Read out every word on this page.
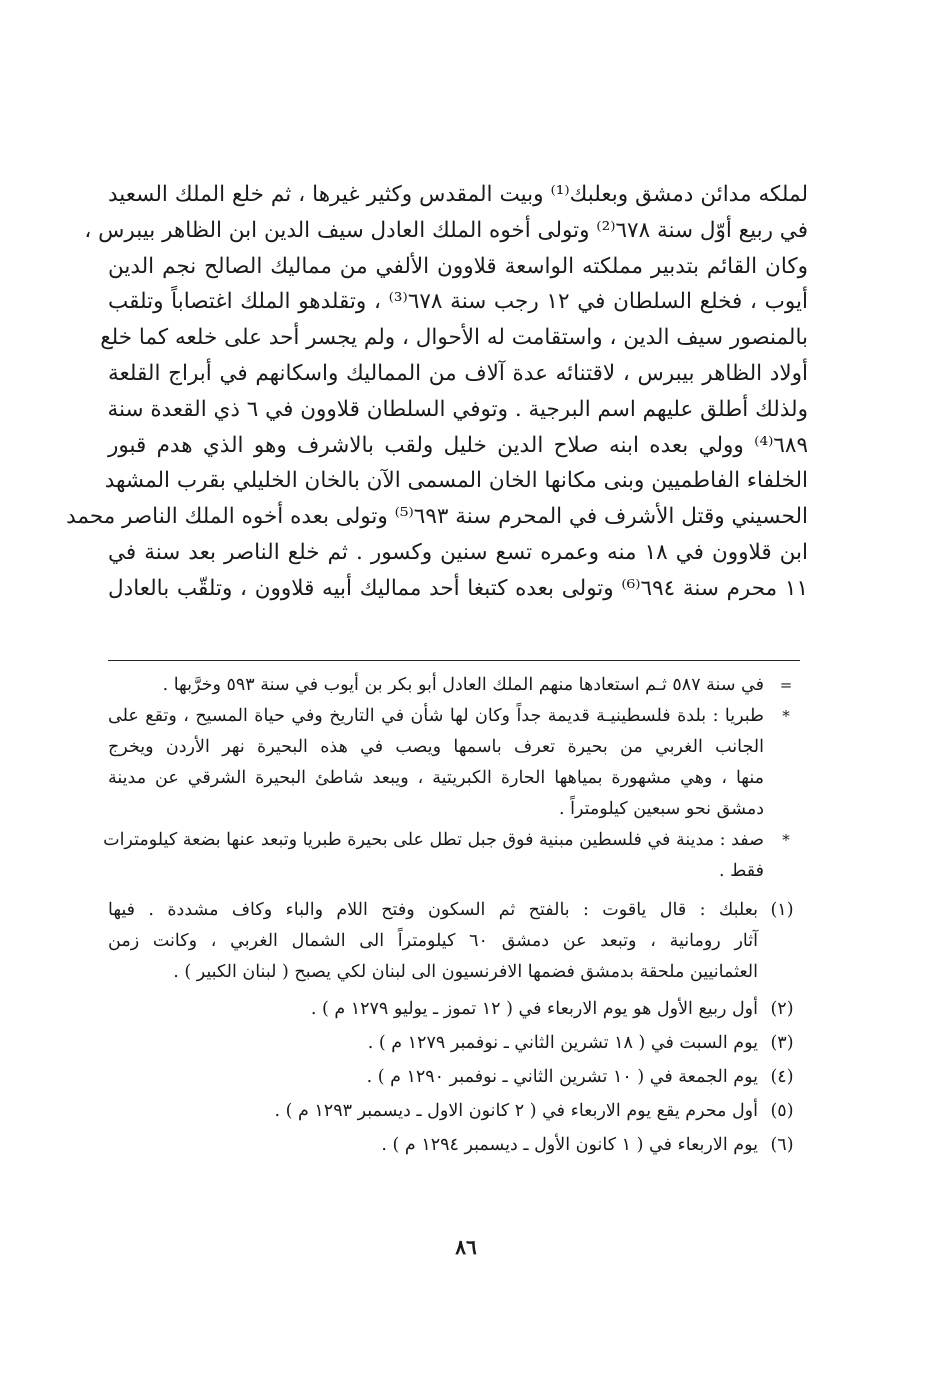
لملكه مدائن دمشق وبعلبك⁽¹⁾ وبيت المقدس وكثير غيرها ، ثم خلع الملك السعيد
في ربيع أوّل سنة ٦٧٨⁽²⁾ وتولى أخوه الملك العادل سيف الدين ابن الظاهر بيبرس ،
وكان القائم بتدبير مملكته الواسعة قلاوون الألفي من مماليك الصالح نجم الدين
أيوب ، فخلع السلطان في ١٢ رجب سنة ٦٧٨⁽³⁾ ، وتقلدهو الملك اغتصاباً وتلقب
بالمنصور سيف الدين ، واستقامت له الأحوال ، ولم يجسر أحد على خلعه كما خلع
أولاد الظاهر بيبرس ، لاقتنائه عدة آلاف من المماليك واسكانهم في أبراج القلعة
ولذلك أطلق عليهم اسم البرجية . وتوفي السلطان قلاوون في ٦ ذي القعدة سنة
٦٨٩⁽⁴⁾ وولي بعده ابنه صلاح الدين خليل ولقب بالاشرف وهو الذي هدم قبور
الخلفاء الفاطميين وبنى مكانها الخان المسمى الآن بالخان الخليلي بقرب المشهد
الحسيني وقتل الأشرف في المحرم سنة ٦٩٣⁽⁵⁾ وتولى بعده أخوه الملك الناصر محمد
ابن قلاوون في ١٨ منه وعمره تسع سنين وكسور . ثم خلع الناصر بعد سنة في
١١ محرم سنة ٦٩٤⁽⁶⁾ وتولى بعده كتبغا أحد مماليك أبيه قلاوون ، وتلقّب بالعادل
=
في سنة ٥٨٧ ثـم استعادها منهم الملك العادل أبو بكر بن أيوب في سنة ٥٩٣ وخرَّبها .
*
طبريا : بلدة فلسطينيـة قديمة جداً وكان لها شأن في التاريخ وفي حياة المسيح ، وتقع على
الجانب الغربي من بحيرة تعرف باسمها ويصب في هذه البحيرة نهر الأردن ويخرج
منها ، وهي مشهورة بمياهها الحارة الكبريتية ، ويبعد شاطئ البحيرة الشرقي عن مدينة
دمشق نحو سبعين كيلومتراً .
*
صفد : مدينة في فلسطين مبنية فوق جبل تطل على بحيرة طبريا وتبعد عنها بضعة كيلومترات
فقط .
(١)
بعلبك : قال ياقوت : بالفتح ثم السكون وفتح اللام والباء وكاف مشددة . فيها
آثار رومانية ، وتبعد عن دمشق ٦٠ كيلومتراً الى الشمال الغربي ، وكانت زمن
العثمانيين ملحقة بدمشق فضمها الافرنسيون الى لبنان لكي يصبح ( لبنان الكبير ) .
(٢)
أول ربيع الأول هو يوم الاربعاء في ( ١٢ تموز ـ يوليو ١٢٧٩ م ) .
(٣)
يوم السبت في ( ١٨ تشرين الثاني ـ نوفمبر ١٢٧٩ م ) .
(٤)
يوم الجمعة في ( ١٠ تشرين الثاني ـ نوفمبر ١٢٩٠ م ) .
(٥)
أول محرم يقع يوم الاربعاء في ( ٢ كانون الاول ـ ديسمبر ١٢٩٣ م ) .
(٦)
يوم الاربعاء في ( ١ كانون الأول ـ ديسمبر ١٢٩٤ م ) .
٨٦
